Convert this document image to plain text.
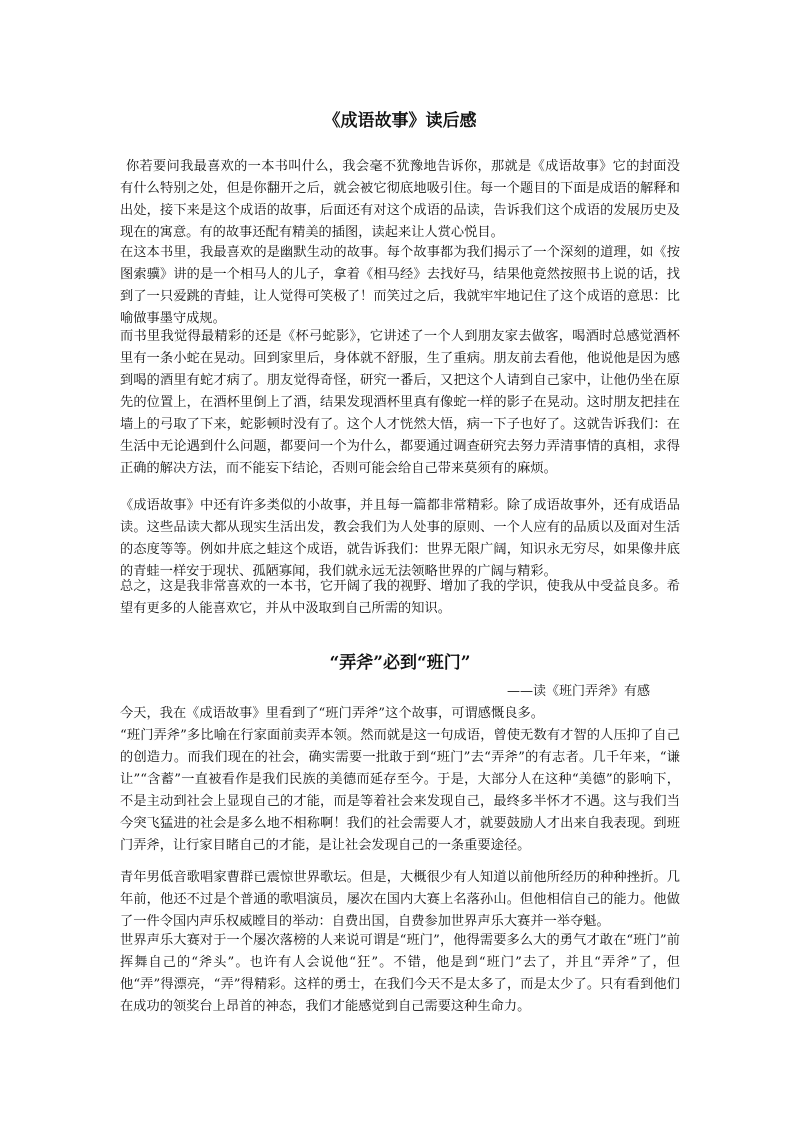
《成语故事》读后感

你若要问我最喜欢的一本书叫什么，我会毫不犹豫地告诉你，那就是《成语故事》它的封面没有什么特别之处，但是你翻开之后，就会被它彻底地吸引住。每一个题目的下面是成语的解释和出处，接下来是这个成语的故事，后面还有对这个成语的品读，告诉我们这个成语的发展历史及现在的寓意。有的故事还配有精美的插图，读起来让人赏心悦目。

在这本书里，我最喜欢的是幽默生动的故事。每个故事都为我们揭示了一个深刻的道理，如《按图索骥》讲的是一个相马人的儿子，拿着《相马经》去找好马，结果他竟然按照书上说的话，找到了一只爱跳的青蛙，让人觉得可笑极了！而笑过之后，我就牢牢地记住了这个成语的意思：比喻做事墨守成规。

而书里我觉得最精彩的还是《杯弓蛇影》，它讲述了一个人到朋友家去做客，喝酒时总感觉酒杯里有一条小蛇在晃动。回到家里后，身体就不舒服，生了重病。朋友前去看他，他说他是因为感到喝的酒里有蛇才病了。朋友觉得奇怪，研究一番后，又把这个人请到自己家中，让他仍坐在原先的位置上，在酒杯里倒上了酒，结果发现酒杯里真有像蛇一样的影子在晃动。这时朋友把挂在墙上的弓取了下来，蛇影顿时没有了。这个人才恍然大悟，病一下子也好了。这就告诉我们：在生活中无论遇到什么问题，都要问一个为什么，都要通过调查研究去努力弄清事情的真相，求得正确的解决方法，而不能妄下结论，否则可能会给自己带来莫须有的麻烦。

《成语故事》中还有许多类似的小故事，并且每一篇都非常精彩。除了成语故事外，还有成语品读。这些品读大都从现实生活出发，教会我们为人处事的原则、一个人应有的品质以及面对生活的态度等等。例如井底之蛙这个成语，就告诉我们：世界无限广阔，知识永无穷尽，如果像井底的青蛙一样安于现状、孤陋寡闻，我们就永远无法领略世界的广阔与精彩。

总之，这是我非常喜欢的一本书，它开阔了我的视野、增加了我的学识，使我从中受益良多。希望有更多的人能喜欢它，并从中汲取到自己所需的知识。

“弄斧”必到“班门”

——读《班门弄斧》有感

今天，我在《成语故事》里看到了“班门弄斧”这个故事，可谓感慨良多。

“班门弄斧”多比喻在行家面前卖弄本领。然而就是这一句成语，曾使无数有才智的人压抑了自己的创造力。而我们现在的社会，确实需要一批敢于到“班门”去“弄斧”的有志者。几千年来，“谦让”“含蓄”一直被看作是我们民族的美德而延存至今。于是，大部分人在这种“美德”的影响下，不是主动到社会上显现自己的才能，而是等着社会来发现自己，最终多半怀才不遇。这与我们当今突飞猛进的社会是多么地不相称啊！我们的社会需要人才，就要鼓励人才出来自我表现。到班门弄斧，让行家目睹自己的才能，是让社会发现自己的一条重要途径。

青年男低音歌唱家曹群已震惊世界歌坛。但是，大概很少有人知道以前他所经历的种种挫折。几年前，他还不过是个普通的歌唱演员，屡次在国内大赛上名落孙山。但他相信自己的能力。他做了一件令国内声乐权威瞠目的举动：自费出国，自费参加世界声乐大赛并一举夺魁。

世界声乐大赛对于一个屡次落榜的人来说可谓是“班门”，他得需要多么大的勇气才敢在“班门”前挥舞自己的“斧头”。也许有人会说他“狂”。不错，他是到“班门”去了，并且“弄斧”了，但他“弄”得漂亮，“弄”得精彩。这样的勇士，在我们今天不是太多了，而是太少了。只有看到他们在成功的领奖台上昂首的神态，我们才能感觉到自己需要这种生命力。
